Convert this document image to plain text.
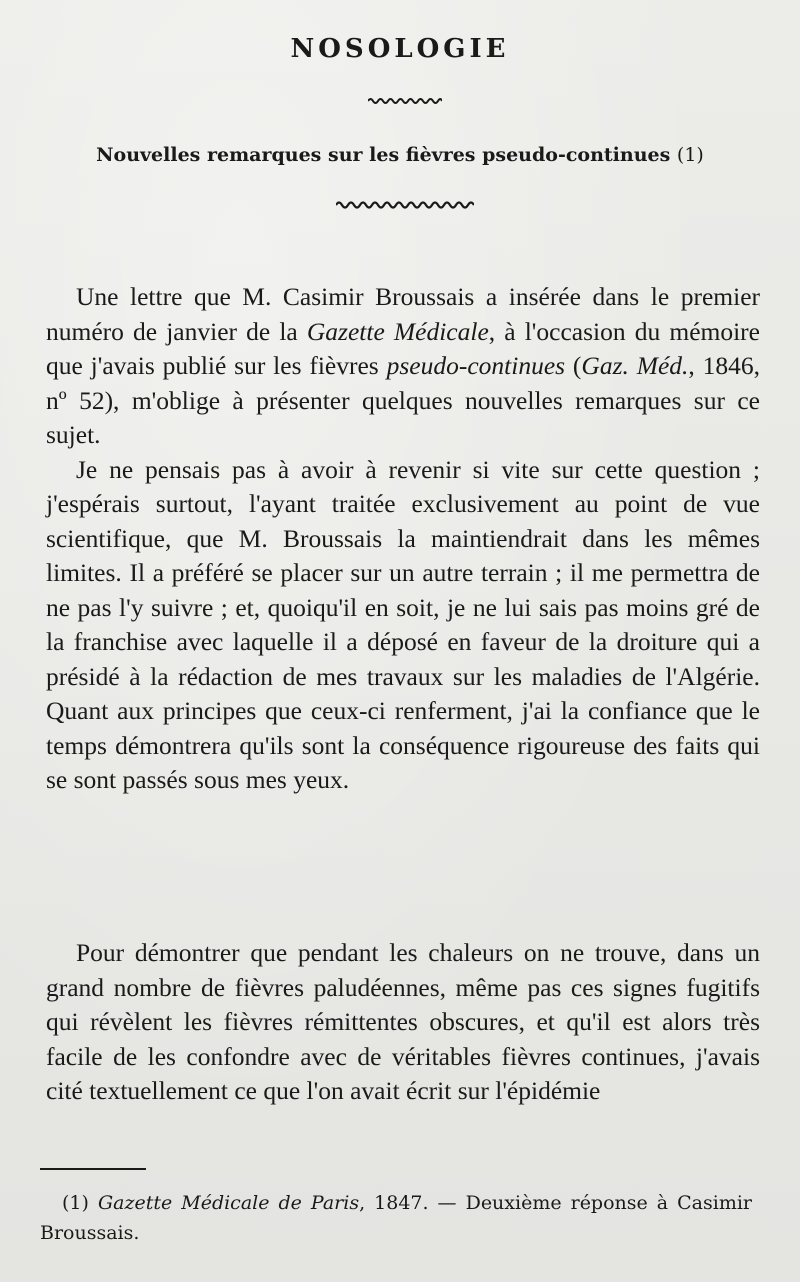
NOSOLOGIE
Nouvelles remarques sur les fièvres pseudo-continues (1)

Une lettre que M. Casimir Broussais a insérée dans le premier numéro de janvier de la Gazette Médicale, à l'occasion du mémoire que j'avais publié sur les fièvres pseudo-continues (Gaz. Méd., 1846, nº 52), m'oblige à présenter quelques nouvelles remarques sur ce sujet.

Je ne pensais pas à avoir à revenir si vite sur cette question ; j'espérais surtout, l'ayant traitée exclusivement au point de vue scientifique, que M. Broussais la maintiendrait dans les mêmes limites. Il a préféré se placer sur un autre terrain ; il me permettra de ne pas l'y suivre ; et, quoiqu'il en soit, je ne lui sais pas moins gré de la franchise avec laquelle il a déposé en faveur de la droiture qui a présidé à la rédaction de mes travaux sur les maladies de l'Algérie. Quant aux principes que ceux-ci renferment, j'ai la confiance que le temps démontrera qu'ils sont la conséquence rigoureuse des faits qui se sont passés sous mes yeux.

Pour démontrer que pendant les chaleurs on ne trouve, dans un grand nombre de fièvres paludéennes, même pas ces signes fugitifs qui révèlent les fièvres rémittentes obscures, et qu'il est alors très facile de les confondre avec de véritables fièvres continues, j'avais cité textuellement ce que l'on avait écrit sur l'épidémie

(1) Gazette Médicale de Paris, 1847. — Deuxième réponse à Casimir Broussais.
